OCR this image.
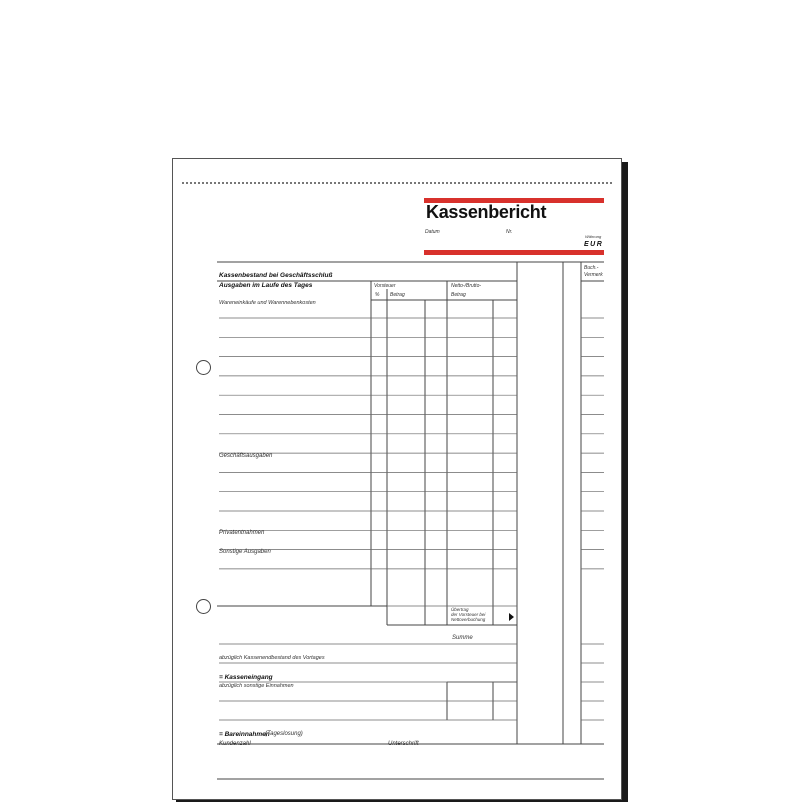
Kassenbericht
Datum	Nr.
Währung
EUR
Kassenbestand bei Geschäftsschluß
Ausgaben im Laufe des Tages
Wareneinkäufe und Warennebenkosten
Geschäftsausgaben
Privatentnahmen
Sonstige Ausgaben
Vorsteuer
% Betrag
Netto-/Brutto-
Betrag
Buch.-
Vermerk
Übertrag
der Vorsteuer bei
Nettoverbuchung
Summe
abzüglich Kassenendbestand des Vortages
= Kasseneingang
abzüglich sonstige Einnahmen
= Bareinnahmen
(Tageslosung)
Kundenzahl	Unterschrift
